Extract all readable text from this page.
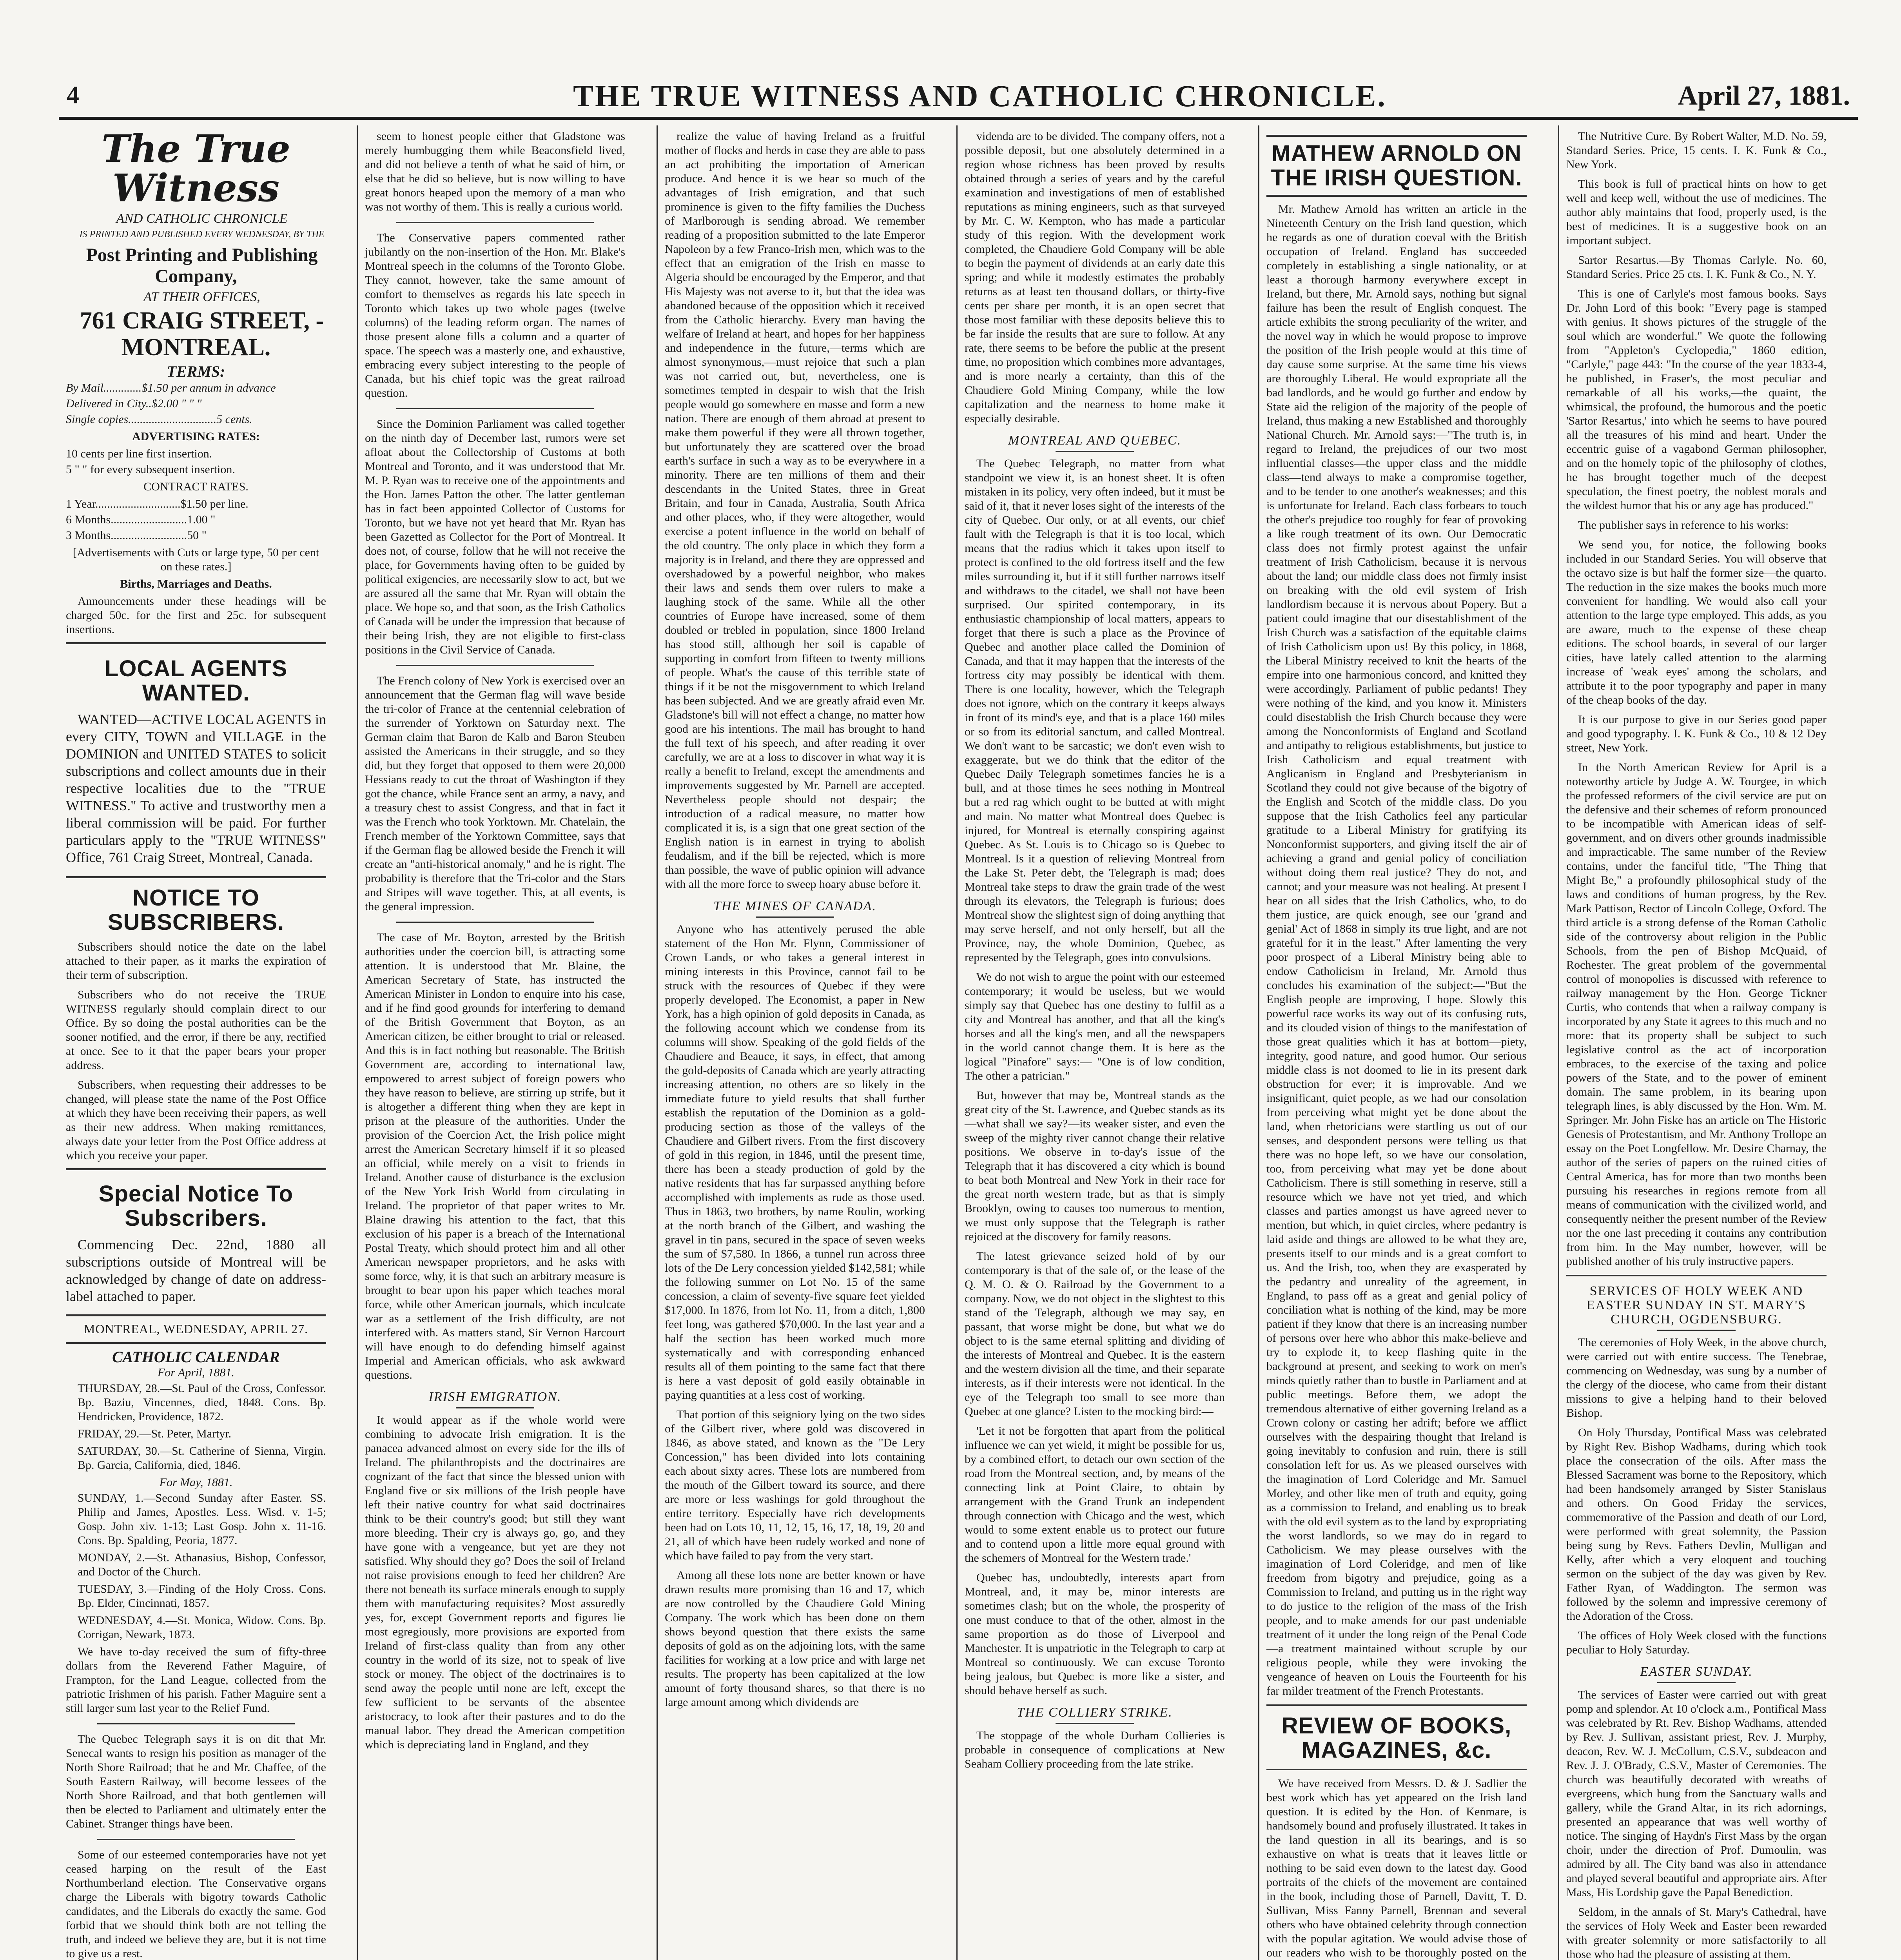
4	THE TRUE WITNESS AND CATHOLIC CHRONICLE.	April 27, 1881.
The True Witness

AND CATHOLIC CHRONICLE

IS PRINTED AND PUBLISHED EVERY WEDNESDAY, BY THE

Post Printing and Publishing Company,

AT THEIR OFFICES,

761 CRAIG STREET, - MONTREAL.

TERMS:

By Mail.............$1.50 per annum in advance

Delivered in City..$2.00 " " "

Single copies..............................5 cents.

ADVERTISING RATES:

10 cents per line first insertion.

5 " " for every subsequent insertion.

CONTRACT RATES.

1 Year.............................$1.50 per line.

6 Months..........................1.00 "

3 Months..........................50 "

[Advertisements with Cuts or large type, 50 per cent on these rates.]

Births, Marriages and Deaths.

Announcements under these headings will be charged 50c. for the first and 25c. for subsequent insertions.

LOCAL AGENTS WANTED.

WANTED—ACTIVE LOCAL AGENTS in every CITY, TOWN and VILLAGE in the DOMINION and UNITED STATES to solicit subscriptions and collect amounts due in their respective localities due to the "TRUE WITNESS." To active and trustworthy men a liberal commission will be paid. For further particulars apply to the "TRUE WITNESS" Office, 761 Craig Street, Montreal, Canada.

NOTICE TO SUBSCRIBERS.

Subscribers should notice the date on the label attached to their paper, as it marks the expiration of their term of subscription.

Subscribers who do not receive the TRUE WITNESS regularly should complain direct to our Office. By so doing the postal authorities can be the sooner notified, and the error, if there be any, rectified at once. See to it that the paper bears your proper address.

Subscribers, when requesting their addresses to be changed, will please state the name of the Post Office at which they have been receiving their papers, as well as their new address. When making remittances, always date your letter from the Post Office address at which you receive your paper.

Special Notice To Subscribers.

Commencing Dec. 22nd, 1880 all subscriptions outside of Montreal will be acknowledged by change of date on address-label attached to paper.

MONTREAL, WEDNESDAY, APRIL 27.

CATHOLIC CALENDAR

For April, 1881.

THURSDAY, 28.—St. Paul of the Cross, Confessor. Bp. Baziu, Vincennes, died, 1848. Cons. Bp. Hendricken, Providence, 1872.

FRIDAY, 29.—St. Peter, Martyr.

SATURDAY, 30.—St. Catherine of Sienna, Virgin. Bp. Garcia, California, died, 1846.

For May, 1881.

SUNDAY, 1.—Second Sunday after Easter. SS. Philip and James, Apostles. Less. Wisd. v. 1-5; Gosp. John xiv. 1-13; Last Gosp. John x. 11-16. Cons. Bp. Spalding, Peoria, 1877.

MONDAY, 2.—St. Athanasius, Bishop, Confessor, and Doctor of the Church.

TUESDAY, 3.—Finding of the Holy Cross. Cons. Bp. Elder, Cincinnati, 1857.

WEDNESDAY, 4.—St. Monica, Widow. Cons. Bp. Corrigan, Newark, 1873.

We have to-day received the sum of fifty-three dollars from the Reverend Father Maguire, of Frampton, for the Land League, collected from the patriotic Irishmen of his parish. Father Maguire sent a still larger sum last year to the Relief Fund.

The Quebec Telegraph says it is on dit that Mr. Senecal wants to resign his position as manager of the North Shore Railroad; that he and Mr. Chaffee, of the South Eastern Railway, will become lessees of the North Shore Railroad, and that both gentlemen will then be elected to Parliament and ultimately enter the Cabinet. Stranger things have been.

Some of our esteemed contemporaries have not yet ceased harping on the result of the East Northumberland election. The Conservative organs charge the Liberals with bigotry towards Catholic candidates, and the Liberals do exactly the same. God forbid that we should think both are not telling the truth, and indeed we believe they are, but it is not time to give us a rest.

seem to honest people either that Gladstone was merely humbugging them while Beaconsfield lived, and did not believe a tenth of what he said of him, or else that he did so believe, but is now willing to have great honors heaped upon the memory of a man who was not worthy of them. This is really a curious world.

The Conservative papers commented rather jubilantly on the non-insertion of the Hon. Mr. Blake's Montreal speech in the columns of the Toronto Globe. They cannot, however, take the same amount of comfort to themselves as regards his late speech in Toronto which takes up two whole pages (twelve columns) of the leading reform organ. The names of those present alone fills a column and a quarter of space. The speech was a masterly one, and exhaustive, embracing every subject interesting to the people of Canada, but his chief topic was the great railroad question.

Since the Dominion Parliament was called together on the ninth day of December last, rumors were set afloat about the Collectorship of Customs at both Montreal and Toronto, and it was understood that Mr. M. P. Ryan was to receive one of the appointments and the Hon. James Patton the other. The latter gentleman has in fact been appointed Collector of Customs for Toronto, but we have not yet heard that Mr. Ryan has been Gazetted as Collector for the Port of Montreal. It does not, of course, follow that he will not receive the place, for Governments having often to be guided by political exigencies, are necessarily slow to act, but we are assured all the same that Mr. Ryan will obtain the place. We hope so, and that soon, as the Irish Catholics of Canada will be under the impression that because of their being Irish, they are not eligible to first-class positions in the Civil Service of Canada.

The French colony of New York is exercised over an announcement that the German flag will wave beside the tri-color of France at the centennial celebration of the surrender of Yorktown on Saturday next. The German claim that Baron de Kalb and Baron Steuben assisted the Americans in their struggle, and so they did, but they forget that opposed to them were 20,000 Hessians ready to cut the throat of Washington if they got the chance, while France sent an army, a navy, and a treasury chest to assist Congress, and that in fact it was the French who took Yorktown. Mr. Chatelain, the French member of the Yorktown Committee, says that if the German flag be allowed beside the French it will create an "anti-historical anomaly," and he is right. The probability is therefore that the Tri-color and the Stars and Stripes will wave together. This, at all events, is the general impression.

The case of Mr. Boyton, arrested by the British authorities under the coercion bill, is attracting some attention. It is understood that Mr. Blaine, the American Secretary of State, has instructed the American Minister in London to enquire into his case, and if he find good grounds for interfering to demand of the British Government that Boyton, as an American citizen, be either brought to trial or released. And this is in fact nothing but reasonable. The British Government are, according to international law, empowered to arrest subject of foreign powers who they have reason to believe, are stirring up strife, but it is altogether a different thing when they are kept in prison at the pleasure of the authorities. Under the provision of the Coercion Act, the Irish police might arrest the American Secretary himself if it so pleased an official, while merely on a visit to friends in Ireland. Another cause of disturbance is the exclusion of the New York Irish World from circulating in Ireland. The proprietor of that paper writes to Mr. Blaine drawing his attention to the fact, that this exclusion of his paper is a breach of the International Postal Treaty, which should protect him and all other American newspaper proprietors, and he asks with some force, why, it is that such an arbitrary measure is brought to bear upon his paper which teaches moral force, while other American journals, which inculcate war as a settlement of the Irish difficulty, are not interfered with. As matters stand, Sir Vernon Harcourt will have enough to do defending himself against Imperial and American officials, who ask awkward questions.

IRISH EMIGRATION.

It would appear as if the whole world were combining to advocate Irish emigration. It is the panacea advanced almost on every side for the ills of Ireland. The philanthropists and the doctrinaires are cognizant of the fact that since the blessed union with England five or six millions of the Irish people have left their native country for what said doctrinaires think to be their country's good; but still they want more bleeding. Their cry is always go, go, and they have gone with a vengeance, but yet are they not satisfied. Why should they go? Does the soil of Ireland not raise provisions enough to feed her children? Are there not beneath its surface minerals enough to supply them with manufacturing requisites? Most assuredly yes, for, except Government reports and figures lie most egregiously, more provisions are exported from Ireland of first-class quality than from any other country in the world of its size, not to speak of live stock or money. The object of the doctrinaires is to send away the people until none are left, except the few sufficient to be servants of the absentee aristocracy, to look after their pastures and to do the manual labor. They dread the American competition which is depreciating land in England, and they

realize the value of having Ireland as a fruitful mother of flocks and herds in case they are able to pass an act prohibiting the importation of American produce. And hence it is we hear so much of the advantages of Irish emigration, and that such prominence is given to the fifty families the Duchess of Marlborough is sending abroad. We remember reading of a proposition submitted to the late Emperor Napoleon by a few Franco-Irish men, which was to the effect that an emigration of the Irish en masse to Algeria should be encouraged by the Emperor, and that His Majesty was not averse to it, but that the idea was abandoned because of the opposition which it received from the Catholic hierarchy. Every man having the welfare of Ireland at heart, and hopes for her happiness and independence in the future,—terms which are almost synonymous,—must rejoice that such a plan was not carried out, but, nevertheless, one is sometimes tempted in despair to wish that the Irish people would go somewhere en masse and form a new nation. There are enough of them abroad at present to make them powerful if they were all thrown together, but unfortunately they are scattered over the broad earth's surface in such a way as to be everywhere in a minority. There are ten millions of them and their descendants in the United States, three in Great Britain, and four in Canada, Australia, South Africa and other places, who, if they were altogether, would exercise a potent influence in the world on behalf of the old country. The only place in which they form a majority is in Ireland, and there they are oppressed and overshadowed by a powerful neighbor, who makes their laws and sends them over rulers to make a laughing stock of the same. While all the other countries of Europe have increased, some of them doubled or trebled in population, since 1800 Ireland has stood still, although her soil is capable of supporting in comfort from fifteen to twenty millions of people. What's the cause of this terrible state of things if it be not the misgovernment to which Ireland has been subjected. And we are greatly afraid even Mr. Gladstone's bill will not effect a change, no matter how good are his intentions. The mail has brought to hand the full text of his speech, and after reading it over carefully, we are at a loss to discover in what way it is really a benefit to Ireland, except the amendments and improvements suggested by Mr. Parnell are accepted. Nevertheless people should not despair; the introduction of a radical measure, no matter how complicated it is, is a sign that one great section of the English nation is in earnest in trying to abolish feudalism, and if the bill be rejected, which is more than possible, the wave of public opinion will advance with all the more force to sweep hoary abuse before it.

THE MINES OF CANADA.

Anyone who has attentively perused the able statement of the Hon Mr. Flynn, Commissioner of Crown Lands, or who takes a general interest in mining interests in this Province, cannot fail to be struck with the resources of Quebec if they were properly developed. The Economist, a paper in New York, has a high opinion of gold deposits in Canada, as the following account which we condense from its columns will show. Speaking of the gold fields of the Chaudiere and Beauce, it says, in effect, that among the gold-deposits of Canada which are yearly attracting increasing attention, no others are so likely in the immediate future to yield results that shall further establish the reputation of the Dominion as a gold-producing section as those of the valleys of the Chaudiere and Gilbert rivers. From the first discovery of gold in this region, in 1846, until the present time, there has been a steady production of gold by the native residents that has far surpassed anything before accomplished with implements as rude as those used. Thus in 1863, two brothers, by name Roulin, working at the north branch of the Gilbert, and washing the gravel in tin pans, secured in the space of seven weeks the sum of $7,580. In 1866, a tunnel run across three lots of the De Lery concession yielded $142,581; while the following summer on Lot No. 15 of the same concession, a claim of seventy-five square feet yielded $17,000. In 1876, from lot No. 11, from a ditch, 1,800 feet long, was gathered $70,000. In the last year and a half the section has been worked much more systematically and with corresponding enhanced results all of them pointing to the same fact that there is here a vast deposit of gold easily obtainable in paying quantities at a less cost of working.

That portion of this seigniory lying on the two sides of the Gilbert river, where gold was discovered in 1846, as above stated, and known as the "De Lery Concession," has been divided into lots containing each about sixty acres. These lots are numbered from the mouth of the Gilbert toward its source, and there are more or less washings for gold throughout the entire territory. Especially have rich developments been had on Lots 10, 11, 12, 15, 16, 17, 18, 19, 20 and 21, all of which have been rudely worked and none of which have failed to pay from the very start.

Among all these lots none are better known or have drawn results more promising than 16 and 17, which are now controlled by the Chaudiere Gold Mining Company. The work which has been done on them shows beyond question that there exists the same deposits of gold as on the adjoining lots, with the same facilities for working at a low price and with large net results. The property has been capitalized at the low amount of forty thousand shares, so that there is no large amount among which dividends are

videnda are to be divided. The company offers, not a possible deposit, but one absolutely determined in a region whose richness has been proved by results obtained through a series of years and by the careful examination and investigations of men of established reputations as mining engineers, such as that surveyed by Mr. C. W. Kempton, who has made a particular study of this region. With the development work completed, the Chaudiere Gold Company will be able to begin the payment of dividends at an early date this spring; and while it modestly estimates the probably returns as at least ten thousand dollars, or thirty-five cents per share per month, it is an open secret that those most familiar with these deposits believe this to be far inside the results that are sure to follow. At any rate, there seems to be before the public at the present time, no proposition which combines more advantages, and is more nearly a certainty, than this of the Chaudiere Gold Mining Company, while the low capitalization and the nearness to home make it especially desirable.

MONTREAL AND QUEBEC.

The Quebec Telegraph, no matter from what standpoint we view it, is an honest sheet. It is often mistaken in its policy, very often indeed, but it must be said of it, that it never loses sight of the interests of the city of Quebec. Our only, or at all events, our chief fault with the Telegraph is that it is too local, which means that the radius which it takes upon itself to protect is confined to the old fortress itself and the few miles surrounding it, but if it still further narrows itself and withdraws to the citadel, we shall not have been surprised. Our spirited contemporary, in its enthusiastic championship of local matters, appears to forget that there is such a place as the Province of Quebec and another place called the Dominion of Canada, and that it may happen that the interests of the fortress city may possibly be identical with them. There is one locality, however, which the Telegraph does not ignore, which on the contrary it keeps always in front of its mind's eye, and that is a place 160 miles or so from its editorial sanctum, and called Montreal. We don't want to be sarcastic; we don't even wish to exaggerate, but we do think that the editor of the Quebec Daily Telegraph sometimes fancies he is a bull, and at those times he sees nothing in Montreal but a red rag which ought to be butted at with might and main. No matter what Montreal does Quebec is injured, for Montreal is eternally conspiring against Quebec. As St. Louis is to Chicago so is Quebec to Montreal. Is it a question of relieving Montreal from the Lake St. Peter debt, the Telegraph is mad; does Montreal take steps to draw the grain trade of the west through its elevators, the Telegraph is furious; does Montreal show the slightest sign of doing anything that may serve herself, and not only herself, but all the Province, nay, the whole Dominion, Quebec, as represented by the Telegraph, goes into convulsions.

We do not wish to argue the point with our esteemed contemporary; it would be useless, but we would simply say that Quebec has one destiny to fulfil as a city and Montreal has another, and that all the king's horses and all the king's men, and all the newspapers in the world cannot change them. It is here as the logical "Pinafore" says:— "One is of low condition, The other a patrician."

But, however that may be, Montreal stands as the great city of the St. Lawrence, and Quebec stands as its—what shall we say?—its weaker sister, and even the sweep of the mighty river cannot change their relative positions. We observe in to-day's issue of the Telegraph that it has discovered a city which is bound to beat both Montreal and New York in their race for the great north western trade, but as that is simply Brooklyn, owing to causes too numerous to mention, we must only suppose that the Telegraph is rather rejoiced at the discovery for family reasons.

The latest grievance seized hold of by our contemporary is that of the sale of, or the lease of the Q. M. O. & O. Railroad by the Government to a company. Now, we do not object in the slightest to this stand of the Telegraph, although we may say, en passant, that worse might be done, but what we do object to is the same eternal splitting and dividing of the interests of Montreal and Quebec. It is the eastern and the western division all the time, and their separate interests, as if their interests were not identical. In the eye of the Telegraph too small to see more than Quebec at one glance? Listen to the mocking bird:—

'Let it not be forgotten that apart from the political influence we can yet wield, it might be possible for us, by a combined effort, to detach our own section of the road from the Montreal section, and, by means of the connecting link at Point Claire, to obtain by arrangement with the Grand Trunk an independent through connection with Chicago and the west, which would to some extent enable us to protect our future and to contend upon a little more equal ground with the schemers of Montreal for the Western trade.'

Quebec has, undoubtedly, interests apart from Montreal, and, it may be, minor interests are sometimes clash; but on the whole, the prosperity of one must conduce to that of the other, almost in the same proportion as do those of Liverpool and Manchester. It is unpatriotic in the Telegraph to carp at Montreal so continuously. We can excuse Toronto being jealous, but Quebec is more like a sister, and should behave herself as such.

THE COLLIERY STRIKE.

The stoppage of the whole Durham Collieries is probable in consequence of complications at New Seaham Colliery proceeding from the late strike.

MATHEW ARNOLD ON THE IRISH QUESTION.

Mr. Mathew Arnold has written an article in the Nineteenth Century on the Irish land question, which he regards as one of duration coeval with the British occupation of Ireland. England has succeeded completely in establishing a single nationality, or at least a thorough harmony everywhere except in Ireland, but there, Mr. Arnold says, nothing but signal failure has been the result of English conquest. The article exhibits the strong peculiarity of the writer, and the novel way in which he would propose to improve the position of the Irish people would at this time of day cause some surprise. At the same time his views are thoroughly Liberal. He would expropriate all the bad landlords, and he would go further and endow by State aid the religion of the majority of the people of Ireland, thus making a new Established and thoroughly National Church. Mr. Arnold says:—"The truth is, in regard to Ireland, the prejudices of our two most influential classes—the upper class and the middle class—tend always to make a compromise together, and to be tender to one another's weaknesses; and this is unfortunate for Ireland. Each class forbears to touch the other's prejudice too roughly for fear of provoking a like rough treatment of its own. Our Democratic class does not firmly protest against the unfair treatment of Irish Catholicism, because it is nervous about the land; our middle class does not firmly insist on breaking with the old evil system of Irish landlordism because it is nervous about Popery. But a patient could imagine that our disestablishment of the Irish Church was a satisfaction of the equitable claims of Irish Catholicism upon us! By this policy, in 1868, the Liberal Ministry received to knit the hearts of the empire into one harmonious concord, and knitted they were accordingly. Parliament of public pedants! They were nothing of the kind, and you know it. Ministers could disestablish the Irish Church because they were among the Nonconformists of England and Scotland and antipathy to religious establishments, but justice to Irish Catholicism and equal treatment with Anglicanism in England and Presbyterianism in Scotland they could not give because of the bigotry of the English and Scotch of the middle class. Do you suppose that the Irish Catholics feel any particular gratitude to a Liberal Ministry for gratifying its Nonconformist supporters, and giving itself the air of achieving a grand and genial policy of conciliation without doing them real justice? They do not, and cannot; and your measure was not healing. At present I hear on all sides that the Irish Catholics, who, to do them justice, are quick enough, see our 'grand and genial' Act of 1868 in simply its true light, and are not grateful for it in the least." After lamenting the very poor prospect of a Liberal Ministry being able to endow Catholicism in Ireland, Mr. Arnold thus concludes his examination of the subject:—"But the English people are improving, I hope. Slowly this powerful race works its way out of its confusing ruts, and its clouded vision of things to the manifestation of those great qualities which it has at bottom—piety, integrity, good nature, and good humor. Our serious middle class is not doomed to lie in its present dark obstruction for ever; it is improvable. And we insignificant, quiet people, as we had our consolation from perceiving what might yet be done about the land, when rhetoricians were startling us out of our senses, and despondent persons were telling us that there was no hope left, so we have our consolation, too, from perceiving what may yet be done about Catholicism. There is still something in reserve, still a resource which we have not yet tried, and which classes and parties amongst us have agreed never to mention, but which, in quiet circles, where pedantry is laid aside and things are allowed to be what they are, presents itself to our minds and is a great comfort to us. And the Irish, too, when they are exasperated by the pedantry and unreality of the agreement, in England, to pass off as a great and genial policy of conciliation what is nothing of the kind, may be more patient if they know that there is an increasing number of persons over here who abhor this make-believe and try to explode it, to keep flashing quite in the background at present, and seeking to work on men's minds quietly rather than to bustle in Parliament and at public meetings. Before them, we adopt the tremendous alternative of either governing Ireland as a Crown colony or casting her adrift; before we afflict ourselves with the despairing thought that Ireland is going inevitably to confusion and ruin, there is still consolation left for us. As we pleased ourselves with the imagination of Lord Coleridge and Mr. Samuel Morley, and other like men of truth and equity, going as a commission to Ireland, and enabling us to break with the old evil system as to the land by expropriating the worst landlords, so we may do in regard to Catholicism. We may please ourselves with the imagination of Lord Coleridge, and men of like freedom from bigotry and prejudice, going as a Commission to Ireland, and putting us in the right way to do justice to the religion of the mass of the Irish people, and to make amends for our past undeniable treatment of it under the long reign of the Penal Code—a treatment maintained without scruple by our religious people, while they were invoking the vengeance of heaven on Louis the Fourteenth for his far milder treatment of the French Protestants.

REVIEW OF BOOKS, MAGAZINES, &c.

We have received from Messrs. D. & J. Sadlier the best work which has yet appeared on the Irish land question. It is edited by the Hon. of Kenmare, is handsomely bound and profusely illustrated. It takes in the land question in all its bearings, and is so exhaustive on what is treats that it leaves little or nothing to be said even down to the latest day. Good portraits of the chiefs of the movement are contained in the book, including those of Parnell, Davitt, T. D. Sullivan, Miss Fanny Parnell, Brennan and several others who have obtained celebrity through connection with the popular agitation. We would advise those of our readers who wish to be thoroughly posted on the

The Nutritive Cure. By Robert Walter, M.D. No. 59, Standard Series. Price, 15 cents. I. K. Funk & Co., New York.

This book is full of practical hints on how to get well and keep well, without the use of medicines. The author ably maintains that food, properly used, is the best of medicines. It is a suggestive book on an important subject.

Sartor Resartus.—By Thomas Carlyle. No. 60, Standard Series. Price 25 cts. I. K. Funk & Co., N. Y.

This is one of Carlyle's most famous books. Says Dr. John Lord of this book: "Every page is stamped with genius. It shows pictures of the struggle of the soul which are wonderful." We quote the following from "Appleton's Cyclopedia," 1860 edition, "Carlyle," page 443: "In the course of the year 1833-4, he published, in Fraser's, the most peculiar and remarkable of all his works,—the quaint, the whimsical, the profound, the humorous and the poetic 'Sartor Resartus,' into which he seems to have poured all the treasures of his mind and heart. Under the eccentric guise of a vagabond German philosopher, and on the homely topic of the philosophy of clothes, he has brought together much of the deepest speculation, the finest poetry, the noblest morals and the wildest humor that his or any age has produced."

The publisher says in reference to his works:

We send you, for notice, the following books included in our Standard Series. You will observe that the octavo size is but half the former size—the quarto. The reduction in the size makes the books much more convenient for handling. We would also call your attention to the large type employed. This adds, as you are aware, much to the expense of these cheap editions. The school boards, in several of our larger cities, have lately called attention to the alarming increase of 'weak eyes' among the scholars, and attribute it to the poor typography and paper in many of the cheap books of the day.

It is our purpose to give in our Series good paper and good typography. I. K. Funk & Co., 10 & 12 Dey street, New York.

In the North American Review for April is a noteworthy article by Judge A. W. Tourgee, in which the professed reformers of the civil service are put on the defensive and their schemes of reform pronounced to be incompatible with American ideas of self-government, and on divers other grounds inadmissible and impracticable. The same number of the Review contains, under the fanciful title, "The Thing that Might Be," a profoundly philosophical study of the laws and conditions of human progress, by the Rev. Mark Pattison, Rector of Lincoln College, Oxford. The third article is a strong defense of the Roman Catholic side of the controversy about religion in the Public Schools, from the pen of Bishop McQuaid, of Rochester. The great problem of the governmental control of monopolies is discussed with reference to railway management by the Hon. George Tickner Curtis, who contends that when a railway company is incorporated by any State it agrees to this much and no more: that its property shall be subject to such legislative control as the act of incorporation embraces, to the exercise of the taxing and police powers of the State, and to the power of eminent domain. The same problem, in its bearing upon telegraph lines, is ably discussed by the Hon. Wm. M. Springer. Mr. John Fiske has an article on The Historic Genesis of Protestantism, and Mr. Anthony Trollope an essay on the Poet Longfellow. Mr. Desire Charnay, the author of the series of papers on the ruined cities of Central America, has for more than two months been pursuing his researches in regions remote from all means of communication with the civilized world, and consequently neither the present number of the Review nor the one last preceding it contains any contribution from him. In the May number, however, will be published another of his truly instructive papers.

SERVICES OF HOLY WEEK AND EASTER SUNDAY IN ST. MARY'S CHURCH, OGDENSBURG.

The ceremonies of Holy Week, in the above church, were carried out with entire success. The Tenebrae, commencing on Wednesday, was sung by a number of the clergy of the diocese, who came from their distant missions to give a helping hand to their beloved Bishop.

On Holy Thursday, Pontifical Mass was celebrated by Right Rev. Bishop Wadhams, during which took place the consecration of the oils. After mass the Blessed Sacrament was borne to the Repository, which had been handsomely arranged by Sister Stanislaus and others. On Good Friday the services, commemorative of the Passion and death of our Lord, were performed with great solemnity, the Passion being sung by Revs. Fathers Devlin, Mulligan and Kelly, after which a very eloquent and touching sermon on the subject of the day was given by Rev. Father Ryan, of Waddington. The sermon was followed by the solemn and impressive ceremony of the Adoration of the Cross.

The offices of Holy Week closed with the functions peculiar to Holy Saturday.

EASTER SUNDAY.

The services of Easter were carried out with great pomp and splendor. At 10 o'clock a.m., Pontifical Mass was celebrated by Rt. Rev. Bishop Wadhams, attended by Rev. J. Sullivan, assistant priest, Rev. J. Murphy, deacon, Rev. W. J. McCollum, C.S.V., subdeacon and Rev. J. J. O'Brady, C.S.V., Master of Ceremonies. The church was beautifully decorated with wreaths of evergreens, which hung from the Sanctuary walls and gallery, while the Grand Altar, in its rich adornings, presented an appearance that was well worthy of notice. The singing of Haydn's First Mass by the organ choir, under the direction of Prof. Dumoulin, was admired by all. The City band was also in attendance and played several beautiful and appropriate airs. After Mass, His Lordship gave the Papal Benediction.

Seldom, in the annals of St. Mary's Cathedral, have the services of Holy Week and Easter been rewarded with greater solemnity or more satisfactorily to all those who had the pleasure of assisting at them.
